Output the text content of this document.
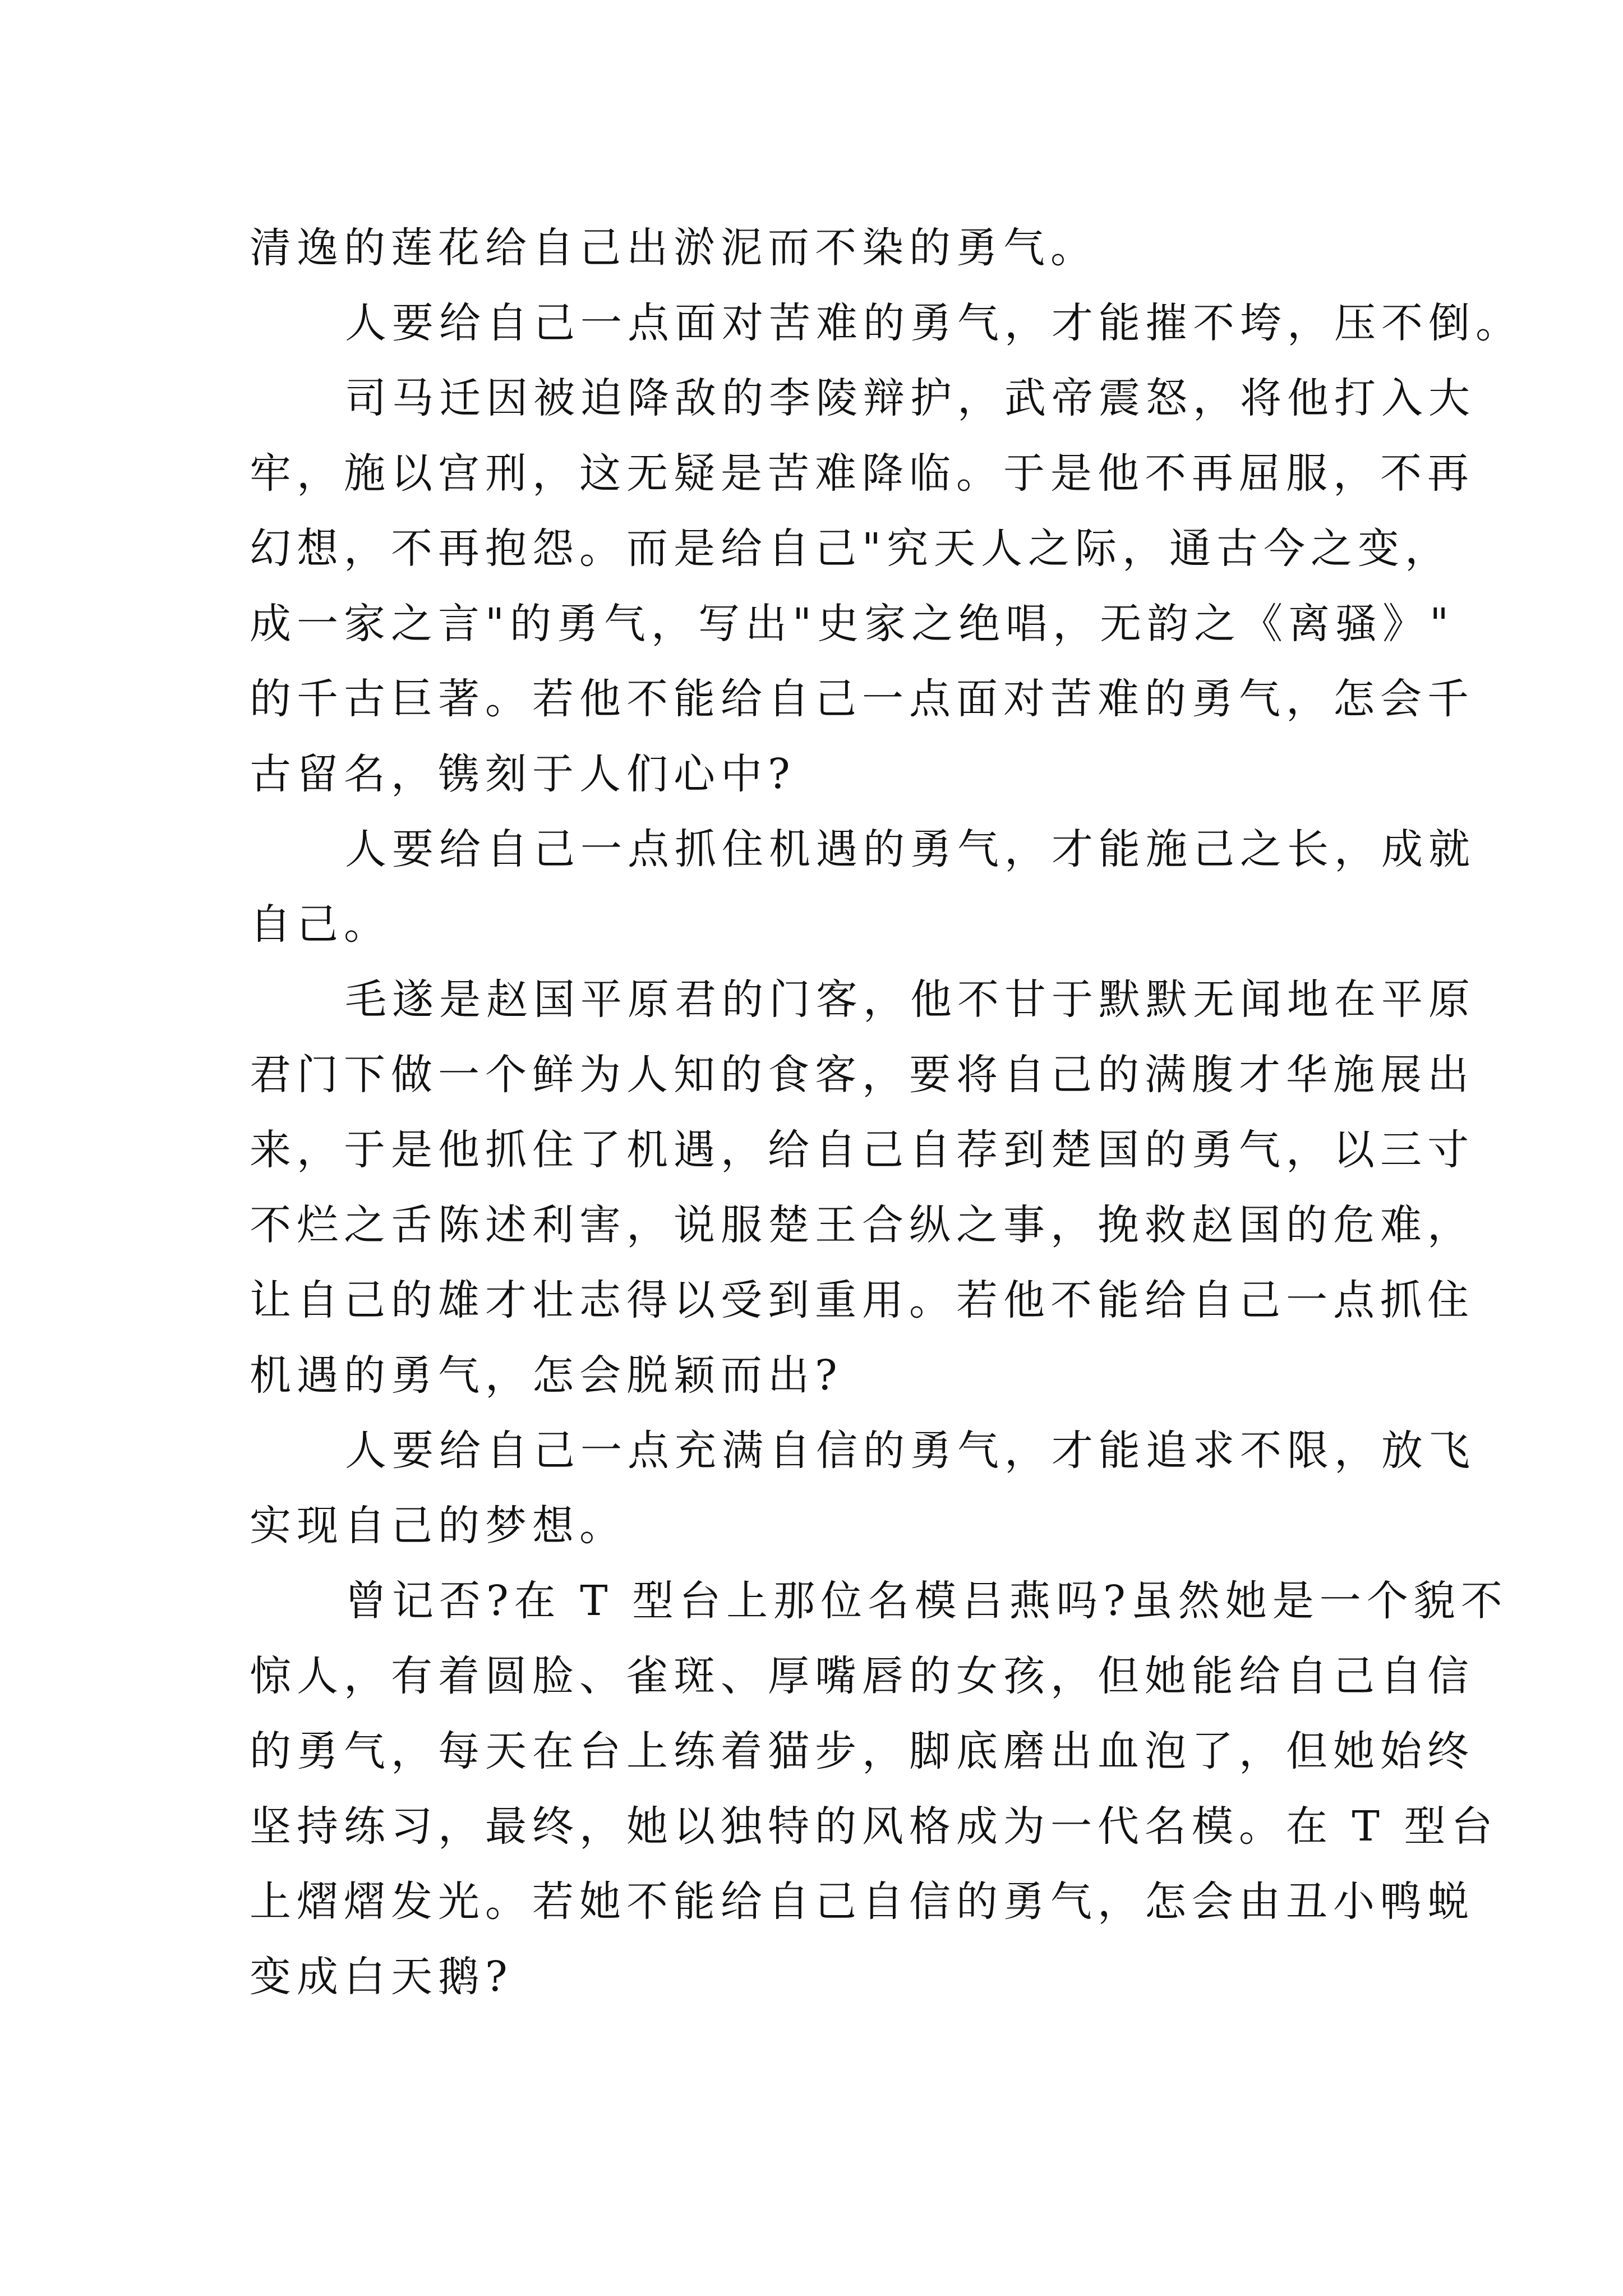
清逸的莲花给自己出淤泥而不染的勇气。
人要给自己一点面对苦难的勇气，才能摧不垮，压不倒。
司马迁因被迫降敌的李陵辩护，武帝震怒，将他打入大
牢，施以宫刑，这无疑是苦难降临。于是他不再屈服，不再
幻想，不再抱怨。而是给自己"究天人之际，通古今之变，
成一家之言"的勇气，写出"史家之绝唱，无韵之《离骚》"
的千古巨著。若他不能给自己一点面对苦难的勇气，怎会千
古留名，镌刻于人们心中?
人要给自己一点抓住机遇的勇气，才能施己之长，成就
自己。
毛遂是赵国平原君的门客，他不甘于默默无闻地在平原
君门下做一个鲜为人知的食客，要将自己的满腹才华施展出
来，于是他抓住了机遇，给自己自荐到楚国的勇气，以三寸
不烂之舌陈述利害，说服楚王合纵之事，挽救赵国的危难，
让自己的雄才壮志得以受到重用。若他不能给自己一点抓住
机遇的勇气，怎会脱颖而出?
人要给自己一点充满自信的勇气，才能追求不限，放飞
实现自己的梦想。
曾记否?在 T 型台上那位名模吕燕吗?虽然她是一个貌不
惊人，有着圆脸、雀斑、厚嘴唇的女孩，但她能给自己自信
的勇气，每天在台上练着猫步，脚底磨出血泡了，但她始终
坚持练习，最终，她以独特的风格成为一代名模。在 T 型台
上熠熠发光。若她不能给自己自信的勇气，怎会由丑小鸭蜕
变成白天鹅?
